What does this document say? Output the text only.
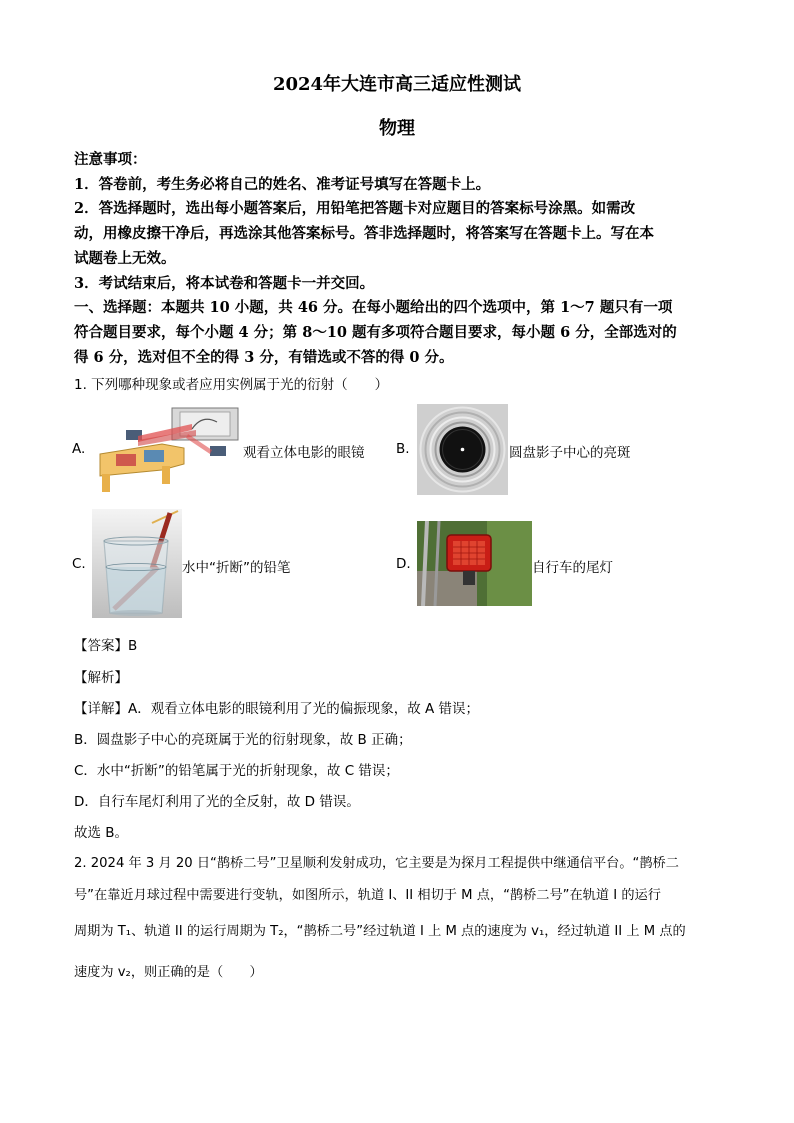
2024年大连市高三适应性测试
物理
注意事项：
1．答卷前，考生务必将自己的姓名、准考证号填写在答题卡上。
2．答选择题时，选出每小题答案后，用铅笔把答题卡对应题目的答案标号涂黑。如需改
动，用橡皮擦干净后，再选涂其他答案标号。答非选择题时，将答案写在答题卡上。写在本
试题卷上无效。
3．考试结束后，将本试卷和答题卡一并交回。
一、选择题：本题共 10 小题，共 46 分。在每小题给出的四个选项中，第 1～7 题只有一项
符合题目要求，每个小题 4 分；第 8～10 题有多项符合题目要求，每小题 6 分，全部选对的
得 6 分，选对但不全的得 3 分，有错选或不答的得 0 分。
1. 下列哪种现象或者应用实例属于光的衍射（　　）
A.	观看立体电影的眼镜 B.	圆盘影子中心的亮斑
C.	水中“折断”的铅笔	D.	自行车的尾灯
【答案】B
【解析】
【详解】A．观看立体电影的眼镜利用了光的偏振现象，故 A 错误；
B．圆盘影子中心的亮斑属于光的衍射现象，故 B 正确；
C．水中“折断”的铅笔属于光的折射现象，故 C 错误；
D．自行车尾灯利用了光的全反射，故 D 错误。
故选 B。
2. 2024 年 3 月 20 日“鹊桥二号”卫星顺利发射成功，它主要是为探月工程提供中继通信平台。“鹊桥二
号”在靠近月球过程中需要进行变轨，如图所示，轨道 I、II 相切于 M 点，“鹊桥二号”在轨道 I 的运行
周期为 T₁、轨道 II 的运行周期为 T₂，“鹊桥二号”经过轨道 I 上 M 点的速度为 v₁，经过轨道 II 上 M 点的
速度为 v₂，则正确的是（　　）
